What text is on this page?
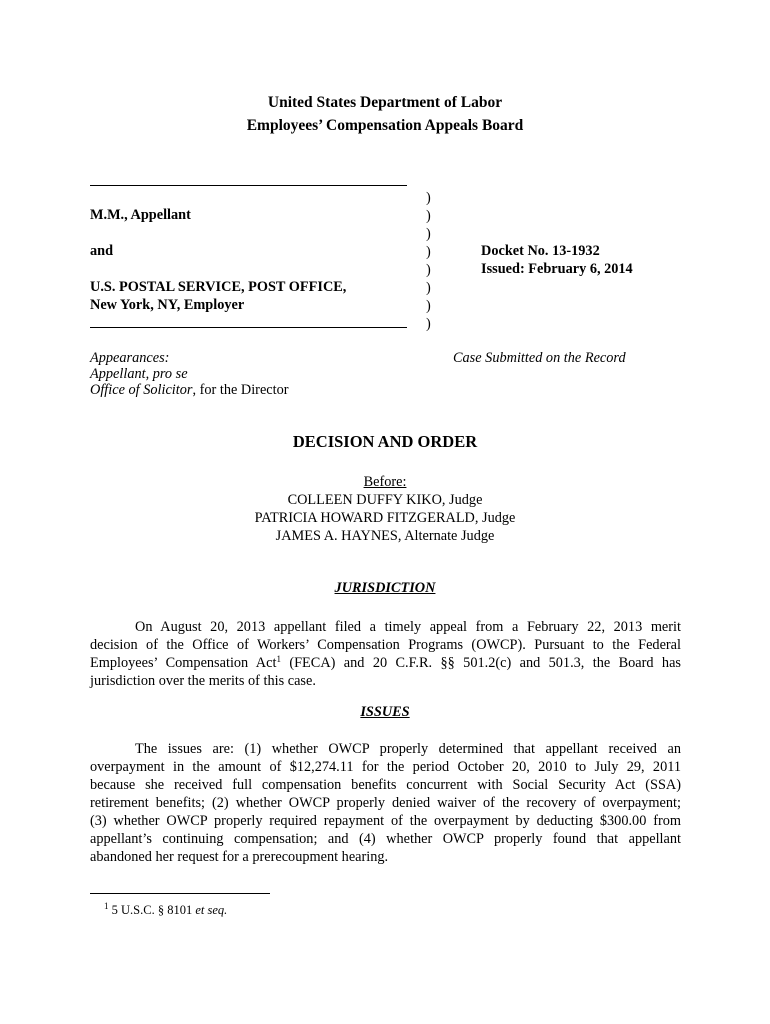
United States Department of Labor
Employees’ Compensation Appeals Board
M.M., Appellant
and
U.S. POSTAL SERVICE, POST OFFICE,
New York, NY, Employer
)
)
)
)
)
)
)
)
Docket No. 13-1932
Issued: February 6, 2014
Appearances:
Appellant, pro se
Office of Solicitor, for the Director
Case Submitted on the Record
DECISION AND ORDER
Before:
COLLEEN DUFFY KIKO, Judge
PATRICIA HOWARD FITZGERALD, Judge
JAMES A. HAYNES, Alternate Judge
JURISDICTION
On August 20, 2013 appellant filed a timely appeal from a February 22, 2013 merit
decision of the Office of Workers’ Compensation Programs (OWCP). Pursuant to the Federal
Employees’ Compensation Act$^1$ (FECA) and 20 C.F.R. §§ 501.2(c) and 501.3, the Board has
jurisdiction over the merits of this case.
ISSUES
The issues are: (1) whether OWCP properly determined that appellant received an
overpayment in the amount of $12,274.11 for the period October 20, 2010 to July 29, 2011
because she received full compensation benefits concurrent with Social Security Act (SSA)
retirement benefits; (2) whether OWCP properly denied waiver of the recovery of overpayment;
(3) whether OWCP properly required repayment of the overpayment by deducting $300.00 from
appellant’s continuing compensation; and (4) whether OWCP properly found that appellant
abandoned her request for a prerecoupment hearing.
$^1$ 5 U.S.C. § 8101 et seq.
